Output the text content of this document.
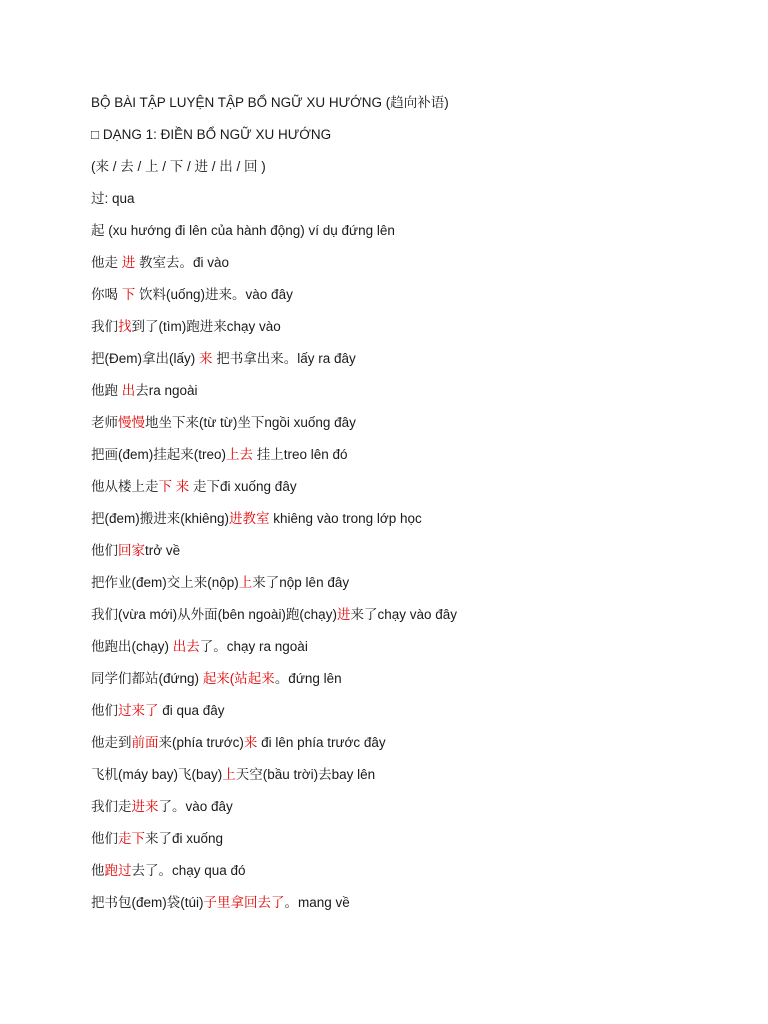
BỘ BÀI TẬP LUYỆN TẬP BỔ NGỮ XU HƯỚNG (趋向补语)
□ DẠNG 1: ĐIỀN BỔ NGỮ XU HƯỚNG
(来 / 去 / 上 / 下 / 进 / 出 / 回 )
过: qua
起 (xu hướng đi lên của hành động) ví dụ đứng lên
他走 进 教室去。đi vào
你喝 下 饮料(uống)进来。vào đây
我们找到了(tìm)跑进来chạy vào
把(Đem)拿出(lấy) 来 把书拿出来。lấy ra đây
他跑 出去ra ngoài
老师慢慢地坐下来(từ từ)坐下ngồi xuống đây
把画(đem)挂起来(treo)上去 挂上treo lên đó
他从楼上走下 来 走下đi xuống đây
把(đem)搬进来(khiêng)进教室 khiêng vào trong lớp học
他们回家trở về
把作业(đem)交上来(nộp)上来了nộp lên đây
我们(vừa mới)从外面(bên ngoài)跑(chạy)进来了chạy vào đây
他跑出(chạy) 出去了。chạy ra ngoài
同学们都站(đứng) 起来(站起来。đứng lên
他们过来了 đi qua đây
他走到前面来(phía trước)来 đi lên phía trước đây
飞机(máy bay)飞(bay)上天空(bầu trời)去bay lên
我们走进来了。vào đây
他们走下来了đi xuống
他跑过去了。chạy qua đó
把书包(đem)袋(túi)子里拿回去了。mang về
